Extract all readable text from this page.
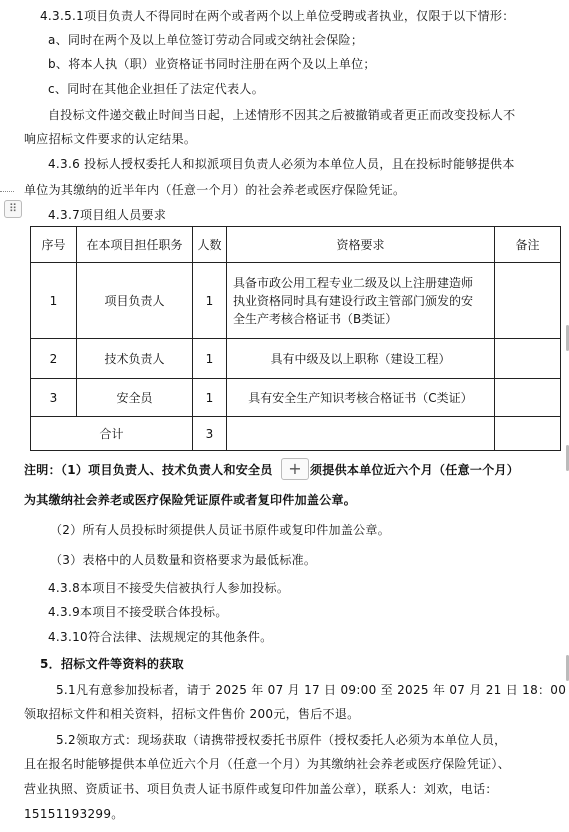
4.3.5.1项目负责人不得同时在两个或者两个以上单位受聘或者执业，仅限于以下情形：
a、同时在两个及以上单位签订劳动合同或交纳社会保险；
b、将本人执（职）业资格证书同时注册在两个及以上单位；
c、同时在其他企业担任了法定代表人。
自投标文件递交截止时间当日起，上述情形不因其之后被撤销或者更正而改变投标人不
响应招标文件要求的认定结果。
4.3.6 投标人授权委托人和拟派项目负责人必须为本单位人员，且在投标时能够提供本
单位为其缴纳的近半年内（任意一个月）的社会养老或医疗保险凭证。
⠿	4.3.7项目组人员要求
序号	在本项目担任职务	人数	资格要求	备注
1	项目负责人	1	具备市政公用工程专业二级及以上注册建造师
执业资格同时具有建设行政主管部门颁发的安
全生产考核合格证书（B类证）	

2	技术负责人	1	具有中级及以上职称（建设工程）	
3	安全员	1	具有安全生产知识考核合格证书（C类证）	
合计		3		
注明：（1）项目负责人、技术负责人和安全员 + 须提供本单位近六个月（任意一个月）
为其缴纳社会养老或医疗保险凭证原件或者复印件加盖公章。
（2）所有人员投标时须提供人员证书原件或复印件加盖公章。
（3）表格中的人员数量和资格要求为最低标准。
4.3.8本项目不接受失信被执行人参加投标。
4.3.9本项目不接受联合体投标。
4.3.10符合法律、法规规定的其他条件。
5．招标文件等资料的获取
5.1凡有意参加投标者，请于 2025 年 07 月 17 日 09:00 至 2025 年 07 月 21 日 18：00
领取招标文件和相关资料，招标文件售价 200元，售后不退。
5.2领取方式：现场获取（请携带授权委托书原件（授权委托人必须为本单位人员，
且在报名时能够提供本单位近六个月（任意一个月）为其缴纳社会养老或医疗保险凭证）、
营业执照、资质证书、项目负责人证书原件或复印件加盖公章），联系人：刘欢，电话：
15151193299。
